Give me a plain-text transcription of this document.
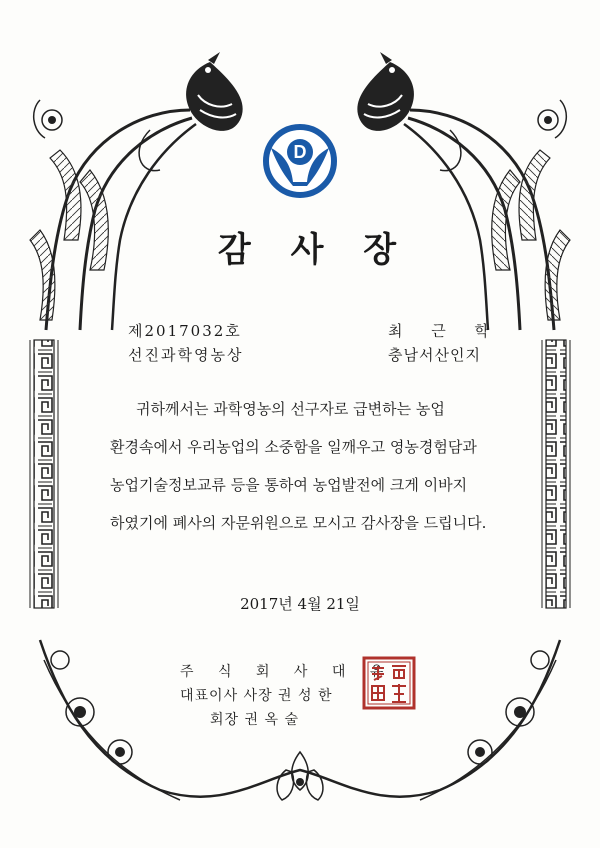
D
감 사 장
제2017032호
선진과학영농상
최 근 학
충남서산인지
귀하께서는 과학영농의 선구자로 급변하는 농업
환경속에서 우리농업의 소중함을 일깨우고 영농경험담과
농업기술정보교류 등을 통하여 농업발전에 크게 이바지
하였기에 폐사의 자문위원으로 모시고 감사장을 드립니다.
2017년 4월 21일
주 식 회 사 대 유
대표이사 사장 권 성 한
회장 권 옥 술
